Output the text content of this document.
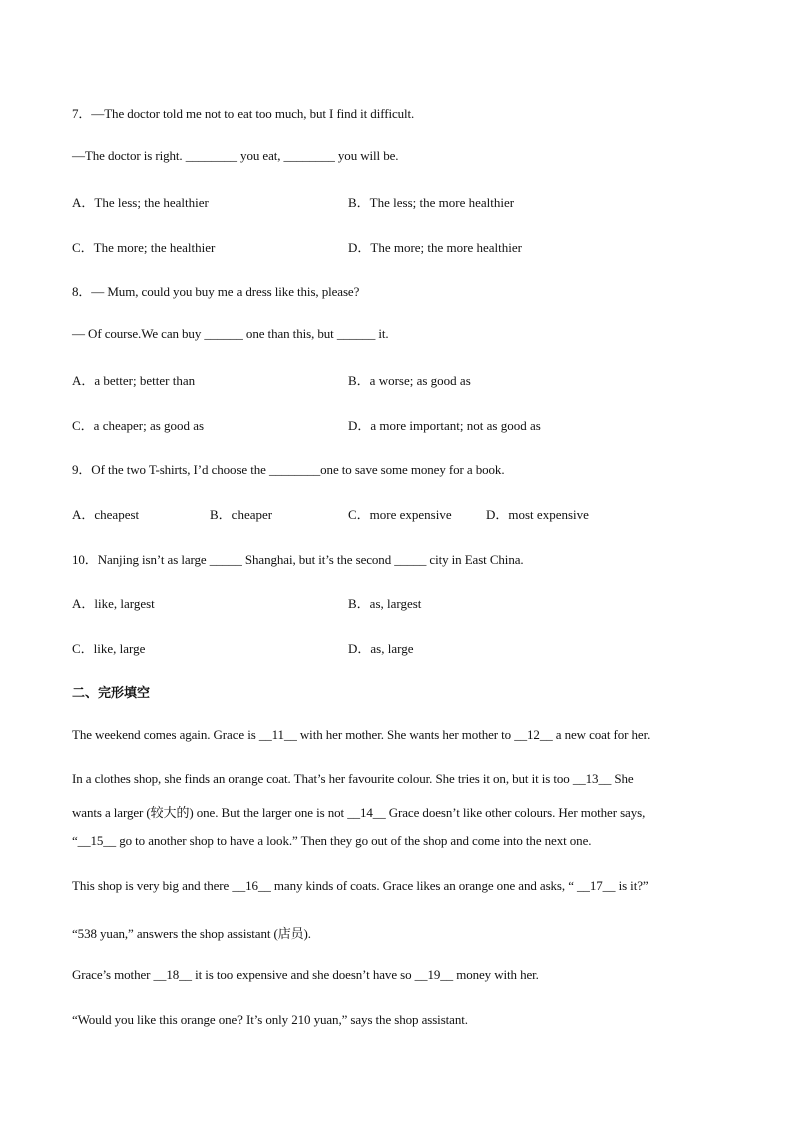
7．—The doctor told me not to eat too much, but I find it difficult.
—The doctor is right. ________ you eat, ________ you will be.
A．The less; the healthier	B．The less; the more healthier
C．The more; the healthier	D．The more; the more healthier
8．— Mum, could you buy me a dress like this, please?
— Of course.We can buy ______ one than this, but ______ it.
A．a better; better than	B．a worse; as good as
C．a cheaper; as good as	D．a more important; not as good as
9．Of the two T-shirts, I’d choose the ________one to save some money for a book.
A．cheapest	B．cheaper	C．more expensive	D．most expensive
10．Nanjing isn’t as large _____ Shanghai, but it’s the second _____ city in East China.
A．like, largest	B．as, largest
C．like, large	D．as, large
二、完形填空
The weekend comes again. Grace is __11__ with her mother. She wants her mother to __12__ a new coat for her.
In a clothes shop, she finds an orange coat. That’s her favourite colour. She tries it on, but it is too __13__ She
wants a larger (较大的) one. But the larger one is not __14__ Grace doesn’t like other colours. Her mother says,
“__15__ go to another shop to have a look.” Then they go out of the shop and come into the next one.
This shop is very big and there __16__ many kinds of coats. Grace likes an orange one and asks, “ __17__ is it?”
“538 yuan,” answers the shop assistant (店员).
Grace’s mother __18__ it is too expensive and she doesn’t have so __19__ money with her.
“Would you like this orange one? It’s only 210 yuan,” says the shop assistant.
